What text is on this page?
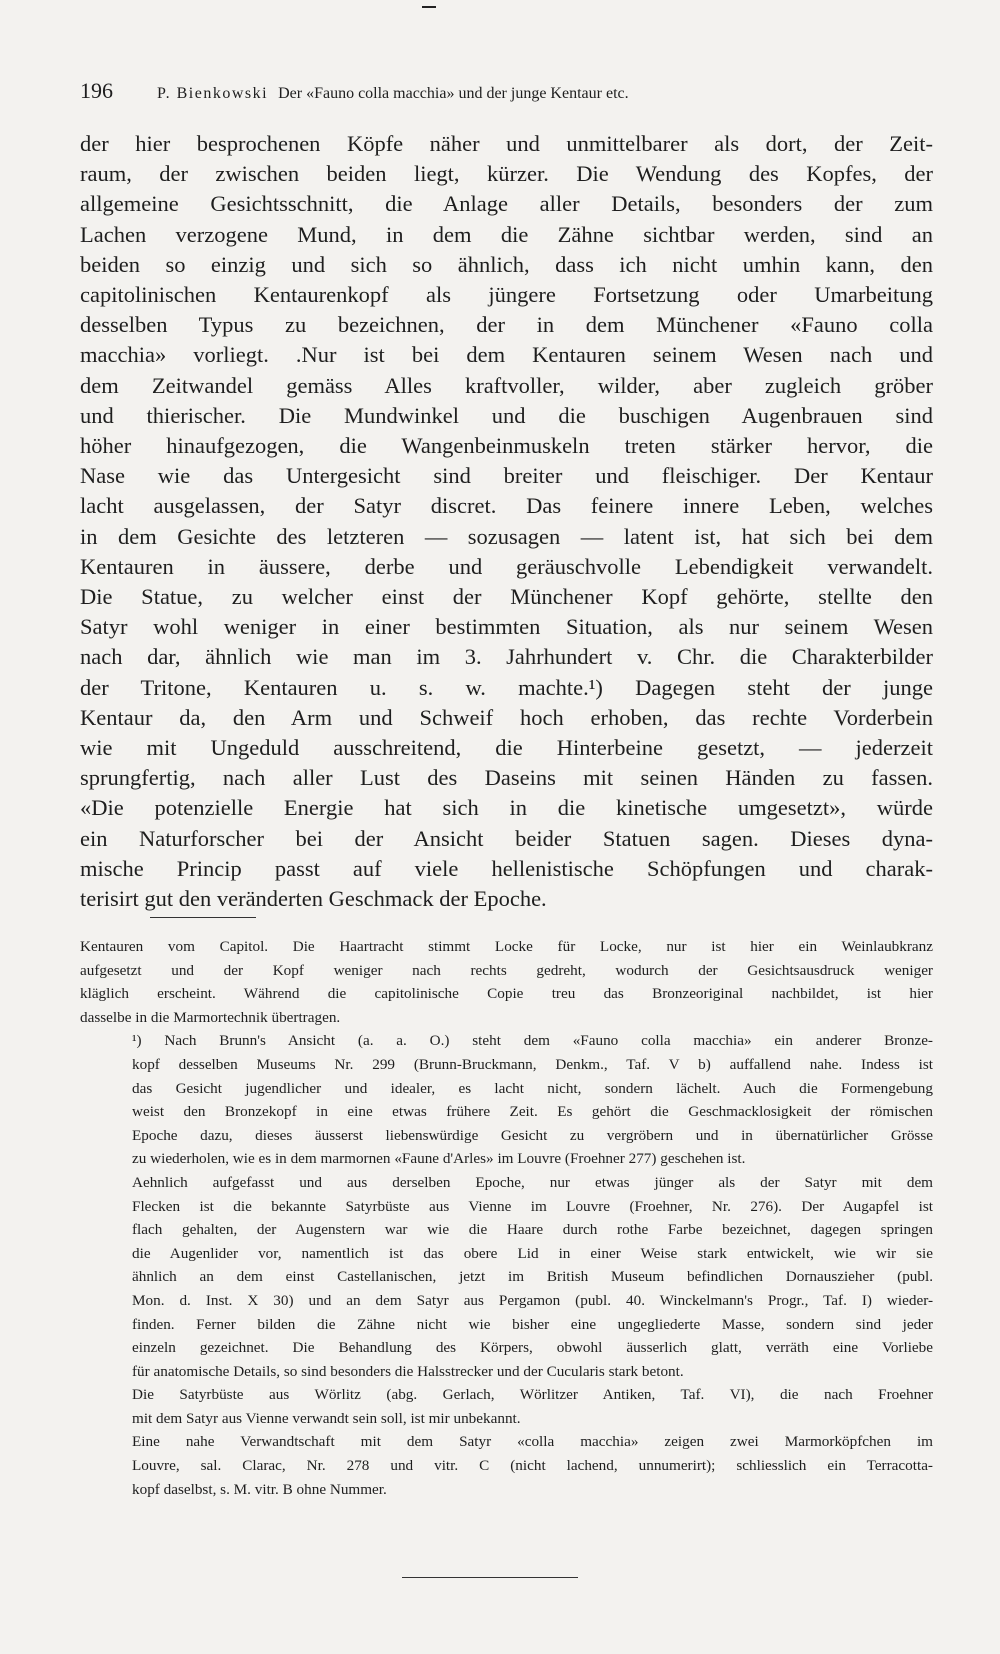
196	P. Bienkowski Der «Fauno colla macchia» und der junge Kentaur etc.
der hier besprochenen Köpfe näher und unmittelbarer als dort, der Zeit-
raum, der zwischen beiden liegt, kürzer. Die Wendung des Kopfes, der
allgemeine Gesichtsschnitt, die Anlage aller Details, besonders der zum
Lachen verzogene Mund, in dem die Zähne sichtbar werden, sind an
beiden so einzig und sich so ähnlich, dass ich nicht umhin kann, den
capitolinischen Kentaurenkopf als jüngere Fortsetzung oder Umarbeitung
desselben Typus zu bezeichnen, der in dem Münchener «Fauno colla
macchia» vorliegt. .Nur ist bei dem Kentauren seinem Wesen nach und
dem Zeitwandel gemäss Alles kraftvoller, wilder, aber zugleich gröber
und thierischer. Die Mundwinkel und die buschigen Augenbrauen sind
höher hinaufgezogen, die Wangenbeinmuskeln treten stärker hervor, die
Nase wie das Untergesicht sind breiter und fleischiger. Der Kentaur
lacht ausgelassen, der Satyr discret. Das feinere innere Leben, welches
in dem Gesichte des letzteren — sozusagen — latent ist, hat sich bei dem
Kentauren in äussere, derbe und geräuschvolle Lebendigkeit verwandelt.
Die Statue, zu welcher einst der Münchener Kopf gehörte, stellte den
Satyr wohl weniger in einer bestimmten Situation, als nur seinem Wesen
nach dar, ähnlich wie man im 3. Jahrhundert v. Chr. die Charakterbilder
der Tritone, Kentauren u. s. w. machte.¹) Dagegen steht der junge
Kentaur da, den Arm und Schweif hoch erhoben, das rechte Vorderbein
wie mit Ungeduld ausschreitend, die Hinterbeine gesetzt, — jederzeit
sprungfertig, nach aller Lust des Daseins mit seinen Händen zu fassen.
«Die potenzielle Energie hat sich in die kinetische umgesetzt», würde
ein Naturforscher bei der Ansicht beider Statuen sagen. Dieses dyna-
mische Princip passt auf viele hellenistische Schöpfungen und charak-
terisirt gut den veränderten Geschmack der Epoche.

Kentauren vom Capitol. Die Haartracht stimmt Locke für Locke, nur ist hier ein Weinlaubkranz
aufgesetzt und der Kopf weniger nach rechts gedreht, wodurch der Gesichtsausdruck weniger
kläglich erscheint. Während die capitolinische Copie treu das Bronzeoriginal nachbildet, ist hier
dasselbe in die Marmortechnik übertragen.

¹) Nach Brunn's Ansicht (a. a. O.) steht dem «Fauno colla macchia» ein anderer Bronze-
kopf desselben Museums Nr. 299 (Brunn-Bruckmann, Denkm., Taf. V b) auffallend nahe. Indess ist
das Gesicht jugendlicher und idealer, es lacht nicht, sondern lächelt. Auch die Formengebung
weist den Bronzekopf in eine etwas frühere Zeit. Es gehört die Geschmacklosigkeit der römischen
Epoche dazu, dieses äusserst liebenswürdige Gesicht zu vergröbern und in übernatürlicher Grösse
zu wiederholen, wie es in dem marmornen «Faune d'Arles» im Louvre (Froehner 277) geschehen ist.

Aehnlich aufgefasst und aus derselben Epoche, nur etwas jünger als der Satyr mit dem
Flecken ist die bekannte Satyrbüste aus Vienne im Louvre (Froehner, Nr. 276). Der Augapfel ist
flach gehalten, der Augenstern war wie die Haare durch rothe Farbe bezeichnet, dagegen springen
die Augenlider vor, namentlich ist das obere Lid in einer Weise stark entwickelt, wie wir sie
ähnlich an dem einst Castellanischen, jetzt im British Museum befindlichen Dornauszieher (publ.
Mon. d. Inst. X 30) und an dem Satyr aus Pergamon (publ. 40. Winckelmann's Progr., Taf. I) wieder-
finden. Ferner bilden die Zähne nicht wie bisher eine ungegliederte Masse, sondern sind jeder
einzeln gezeichnet. Die Behandlung des Körpers, obwohl äusserlich glatt, verräth eine Vorliebe
für anatomische Details, so sind besonders die Halsstrecker und der Cucularis stark betont.

Die Satyrbüste aus Wörlitz (abg. Gerlach, Wörlitzer Antiken, Taf. VI), die nach Froehner
mit dem Satyr aus Vienne verwandt sein soll, ist mir unbekannt.

Eine nahe Verwandtschaft mit dem Satyr «colla macchia» zeigen zwei Marmorköpfchen im
Louvre, sal. Clarac, Nr. 278 und vitr. C (nicht lachend, unnumerirt); schliesslich ein Terracotta-
kopf daselbst, s. M. vitr. B ohne Nummer.
